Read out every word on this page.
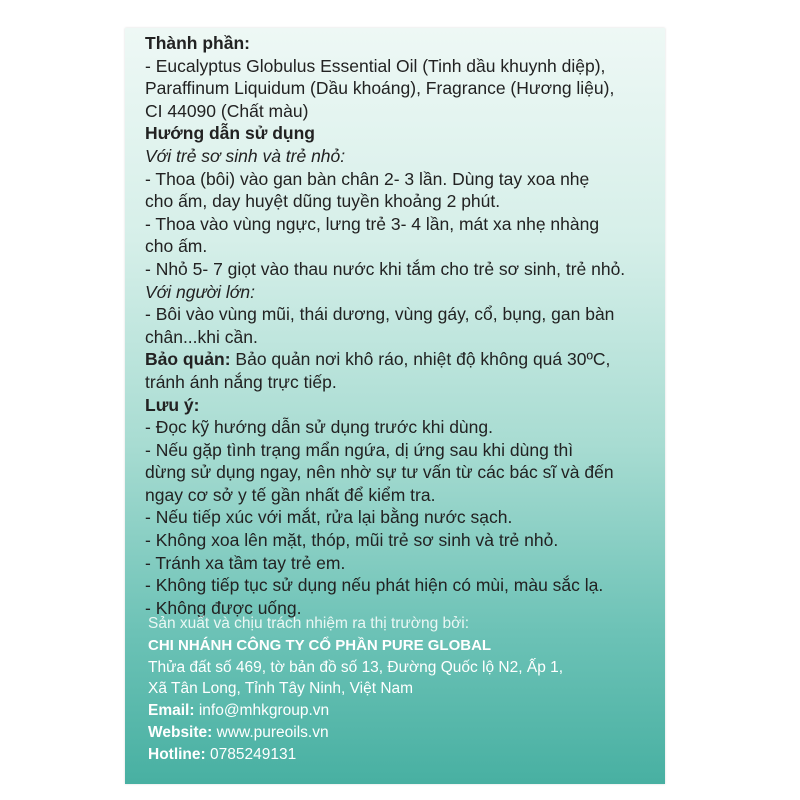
Thành phần:

- Eucalyptus Globulus Essential Oil (Tinh dầu khuynh diệp),

Paraffinum Liquidum (Dầu khoáng), Fragrance (Hương liệu),

CI 44090 (Chất màu)

Hướng dẫn sử dụng

Với trẻ sơ sinh và trẻ nhỏ:

- Thoa (bôi) vào gan bàn chân 2- 3 lần. Dùng tay xoa nhẹ

cho ấm, day huyệt dũng tuyền khoảng 2 phút.

- Thoa vào vùng ngực, lưng trẻ 3- 4 lần, mát xa nhẹ nhàng

cho ấm.

- Nhỏ 5- 7 giọt vào thau nước khi tắm cho trẻ sơ sinh, trẻ nhỏ.

Với người lớn:

- Bôi vào vùng mũi, thái dương, vùng gáy, cổ, bụng, gan bàn

chân...khi cần.

Bảo quản: Bảo quản nơi khô ráo, nhiệt độ không quá 30ºC,

tránh ánh nắng trực tiếp.

Lưu ý:

- Đọc kỹ hướng dẫn sử dụng trước khi dùng.

- Nếu gặp tình trạng mẩn ngứa, dị ứng sau khi dùng thì

dừng sử dụng ngay, nên nhờ sự tư vấn từ các bác sĩ và đến

ngay cơ sở y tế gần nhất để kiểm tra.

- Nếu tiếp xúc với mắt, rửa lại bằng nước sạch.

- Không xoa lên mặt, thóp, mũi trẻ sơ sinh và trẻ nhỏ.

- Tránh xa tầm tay trẻ em.

- Không tiếp tục sử dụng nếu phát hiện có mùi, màu sắc lạ.

- Không được uống.

Sản xuất và chịu trách nhiệm ra thị trường bởi:

CHI NHÁNH CÔNG TY CỔ PHẦN PURE GLOBAL

Thửa đất số 469, tờ bản đồ số 13, Đường Quốc lộ N2, Ấp 1,

Xã Tân Long, Tỉnh Tây Ninh, Việt Nam

Email: info@mhkgroup.vn

Website: www.pureoils.vn

Hotline: 0785249131
